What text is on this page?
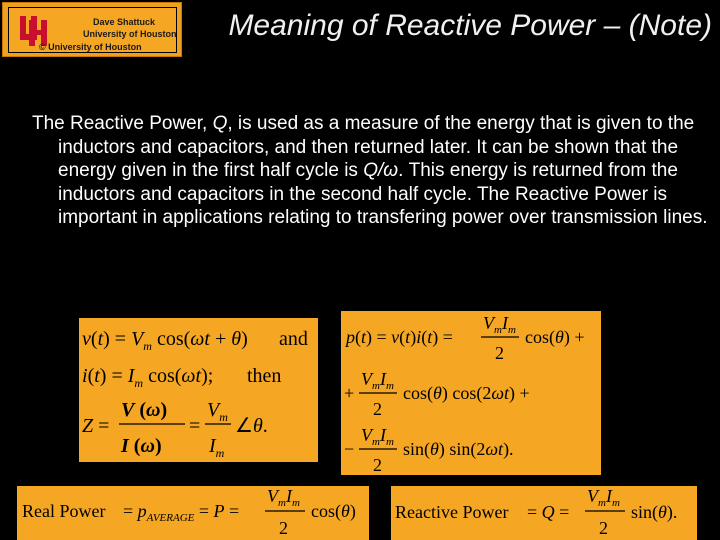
Dave Shattuck
University of Houston
© University of Houston
Meaning of Reactive Power – (Note)
The Reactive Power, Q, is used as a measure of the energy that is given to the inductors and capacitors, and then returned later. It can be shown that the energy given in the first half cycle is Q/ω. This energy is returned from the inductors and capacitors in the second half cycle. The Reactive Power is important in applications relating to transfering power over transmission lines.
$v(t) = V_m$ cos(ωt + θ) and
$i(t) = I_m$ cos(ωt); then
Z =
V (ω)
I (ω)
=
$V_m$
$I_m$
∠θ.
p(t) = v(t)i(t) =
$V_mI_m$
2
cos(θ) +
+
$V_mI_m$
2
cos(θ) cos(2ωt) +
−
$V_mI_m$
2
sin(θ) sin(2ωt).
Real Power = $p_{AVERAGE} = P$ =
$V_mI_m$
2
cos(θ) Reactive Power = Q =
$V_mI_m$
2
sin(θ).
